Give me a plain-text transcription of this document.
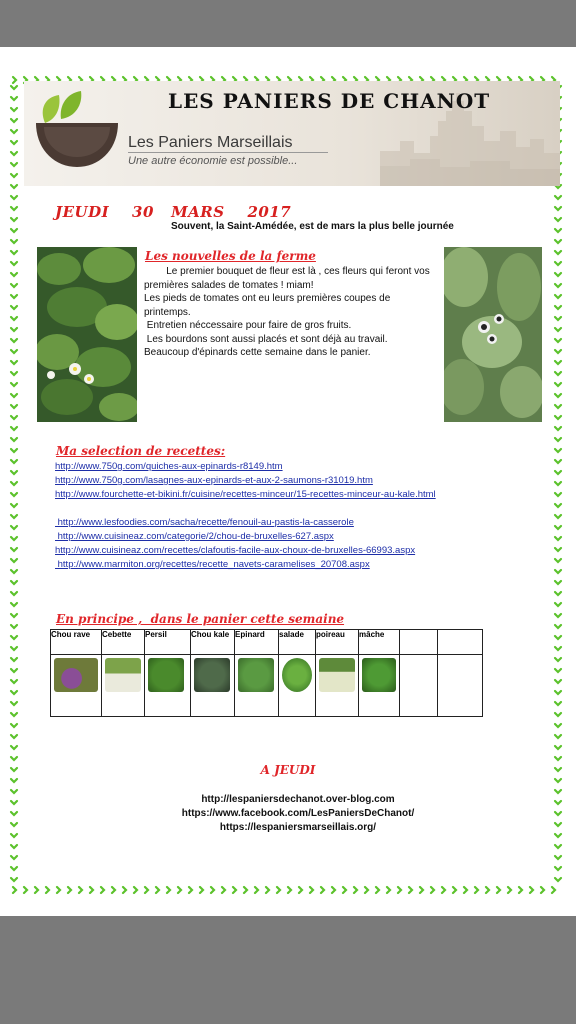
LES PANIERS DE CHANOT
Les Paniers Marseillais
Une autre économie est possible...
JEUDI    30   MARS    2017
Souvent, la Saint-Amédée, est de mars la plus belle journée
Les nouvelles de la ferme

Le premier bouquet de fleur est là , ces fleurs qui feront vos premières salades de tomates ! miam!

Les pieds de tomates ont eu leurs premières coupes de printemps.

Entretien néccessaire pour faire de gros fruits.

Les bourdons sont aussi placés et sont déjà au travail.

Beaucoup d'épinards cette semaine dans le panier.

Ma selection de recettes:
http://www.750g.com/quiches-aux-epinards-r8149.htm
http://www.750g.com/lasagnes-aux-epinards-et-aux-2-saumons-r31019.htm
http://www.fourchette-et-bikini.fr/cuisine/recettes-minceur/15-recettes-minceur-au-kale.html
http://www.lesfoodies.com/sacha/recette/fenouil-au-pastis-la-casserole
http://www.cuisineaz.com/categorie/2/chou-de-bruxelles-627.aspx
http://www.cuisineaz.com/recettes/clafoutis-facile-aux-choux-de-bruxelles-66993.aspx
http://www.marmiton.org/recettes/recette_navets-caramelises_20708.aspx
En principe ,  dans le panier cette semaine
Chou rave	Cebette	Persil	Chou kale	Epinard	salade	poireau	mâche		

A JEUDI
http://lespaniersdechanot.over-blog.com
https://www.facebook.com/LesPaniersDeChanot/
https://lespaniersmarseillais.org/
